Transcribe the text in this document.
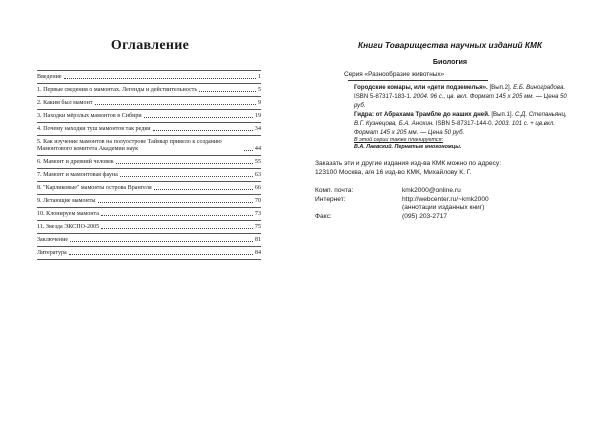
Оглавление
Введение	1
1. Первые сведения о мамонтах. Легенды и действительность	5
2. Каким был мамонт	9
3. Находки мёрзлых мамонтов в Сибири	19
4. Почему находки туш мамонтов так редки	34
5. Как изучение мамонтов на полуострове Таймыр привело к созданию Мамонтового комитета Академии наук	44
6. Мамонт и древний человек	55
7. Мамонт и мамонтовая фауна	63
8. "Карликовые" мамонты острова Врангеля	66
9. Летающие мамонты	70
10. Клонируем мамонта	73
11. Звезда ЭКСПО-2005	75
Заключение	81
Литература	84
Книги Товарищества научных изданий КМК
Биология
Серия «Разнообразие животных»
Городские комары, или «дети подземелья». [Вып.2]. Е.Б. Виноградова. ISBN 5-87317-183-1. 2004. 96 с., цв. вкл. Формат 145 х 205 мм. — Цена 50 руб.
Гидра: от Абрахама Трамбле до наших дней. [Вып.1]. С.Д. Степаньянц, В.Г. Кузнецова, Б.А. Анохин. ISBN 5-87317-144-0. 2003. 101 с. + цв.вкл. Формат 145 х 205 мм. — Цена 50 руб.
В этой серии также планируется:
В.А. Лаевский. Пернатые многоножцы.
Заказать эти и другие издания изд-ва КМК можно по адресу:
123100 Москва, а/я 16 изд-во КМК, Михайлову К. Г.
Комп. почта:	kmk2000@online.ru
Интернет:	http://webcenter.ru/~kmk2000
(аннотации изданных книг)
Факс:	(095) 203-2717
